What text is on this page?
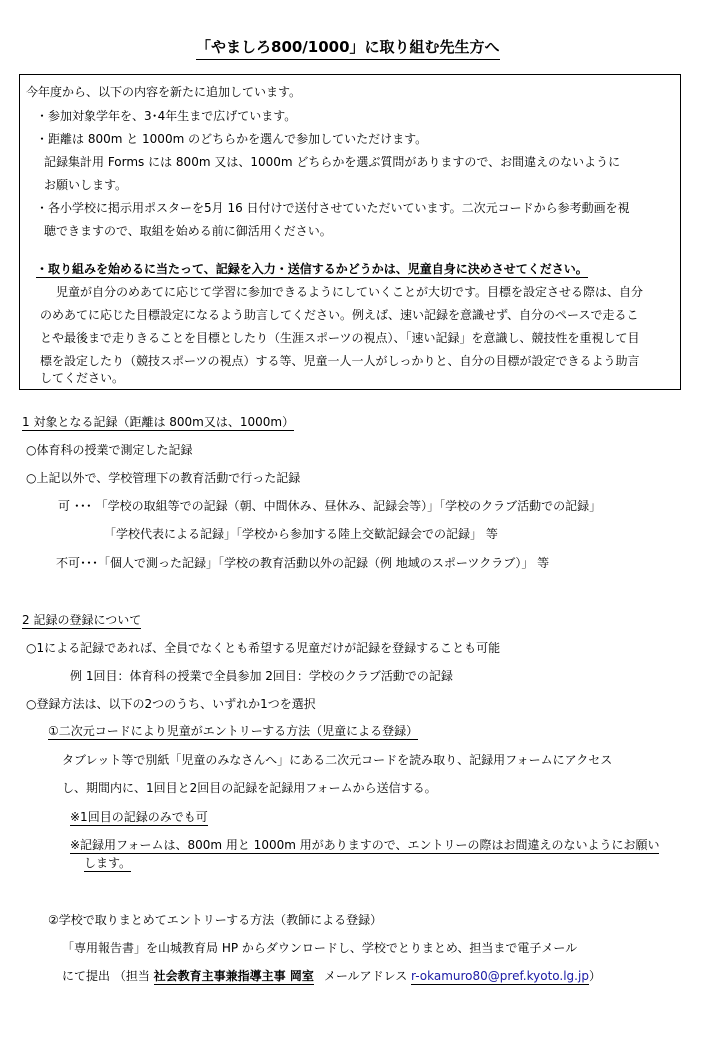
「やましろ800/1000」に取り組む先生方へ
今年度から、以下の内容を新たに追加しています。
・参加対象学年を、3･4年生まで広げています。
・距離は 800m と 1000m のどちらかを選んで参加していただけます。
記録集計用 Forms には 800m 又は、1000m どちらかを選ぶ質問がありますので、お間違えのないように
お願いします。
・各小学校に掲示用ポスターを5月 16 日付けで送付させていただいています。二次元コードから参考動画を視
聴できますので、取組を始める前に御活用ください。
・取り組みを始めるに当たって、記録を入力・送信するかどうかは、児童自身に決めさせてください。
児童が自分のめあてに応じて学習に参加できるようにしていくことが大切です。目標を設定させる際は、自分
のめあてに応じた目標設定になるよう助言してください。例えば、速い記録を意識せず、自分のペースで走るこ
とや最後まで走りきることを目標としたり（生涯スポーツの視点）、「速い記録」を意識し、競技性を重視して目
標を設定したり（競技スポーツの視点）する等、児童一人一人がしっかりと、自分の目標が設定できるよう助言
してください。
1 対象となる記録（距離は 800m又は、1000m）
○体育科の授業で測定した記録
○上記以外で、学校管理下の教育活動で行った記録
可 ･･･ 「学校の取組等での記録（朝、中間休み、昼休み、記録会等）」「学校のクラブ活動での記録」
「学校代表による記録」「学校から参加する陸上交歓記録会での記録」 等
不可･･･「個人で測った記録」「学校の教育活動以外の記録（例 地域のスポーツクラブ）」 等
2 記録の登録について
○1による記録であれば、全員でなくとも希望する児童だけが記録を登録することも可能
例 1回目：体育科の授業で全員参加 2回目：学校のクラブ活動での記録
○登録方法は、以下の2つのうち、いずれか1つを選択
①二次元コードにより児童がエントリーする方法（児童による登録）
タブレット等で別紙「児童のみなさんへ」にある二次元コードを読み取り、記録用フォームにアクセス
し、期間内に、1回目と2回目の記録を記録用フォームから送信する。
※1回目の記録のみでも可
※記録用フォームは、800m 用と 1000m 用がありますので、エントリーの際はお間違えのないようにお願い
します。
②学校で取りまとめてエントリーする方法（教師による登録）
「専用報告書」を山城教育局 HP からダウンロードし、学校でとりまとめ、担当まで電子メール
にて提出 （担当 社会教育主事兼指導主事 岡室 メールアドレス r-okamuro80@pref.kyoto.lg.jp）
